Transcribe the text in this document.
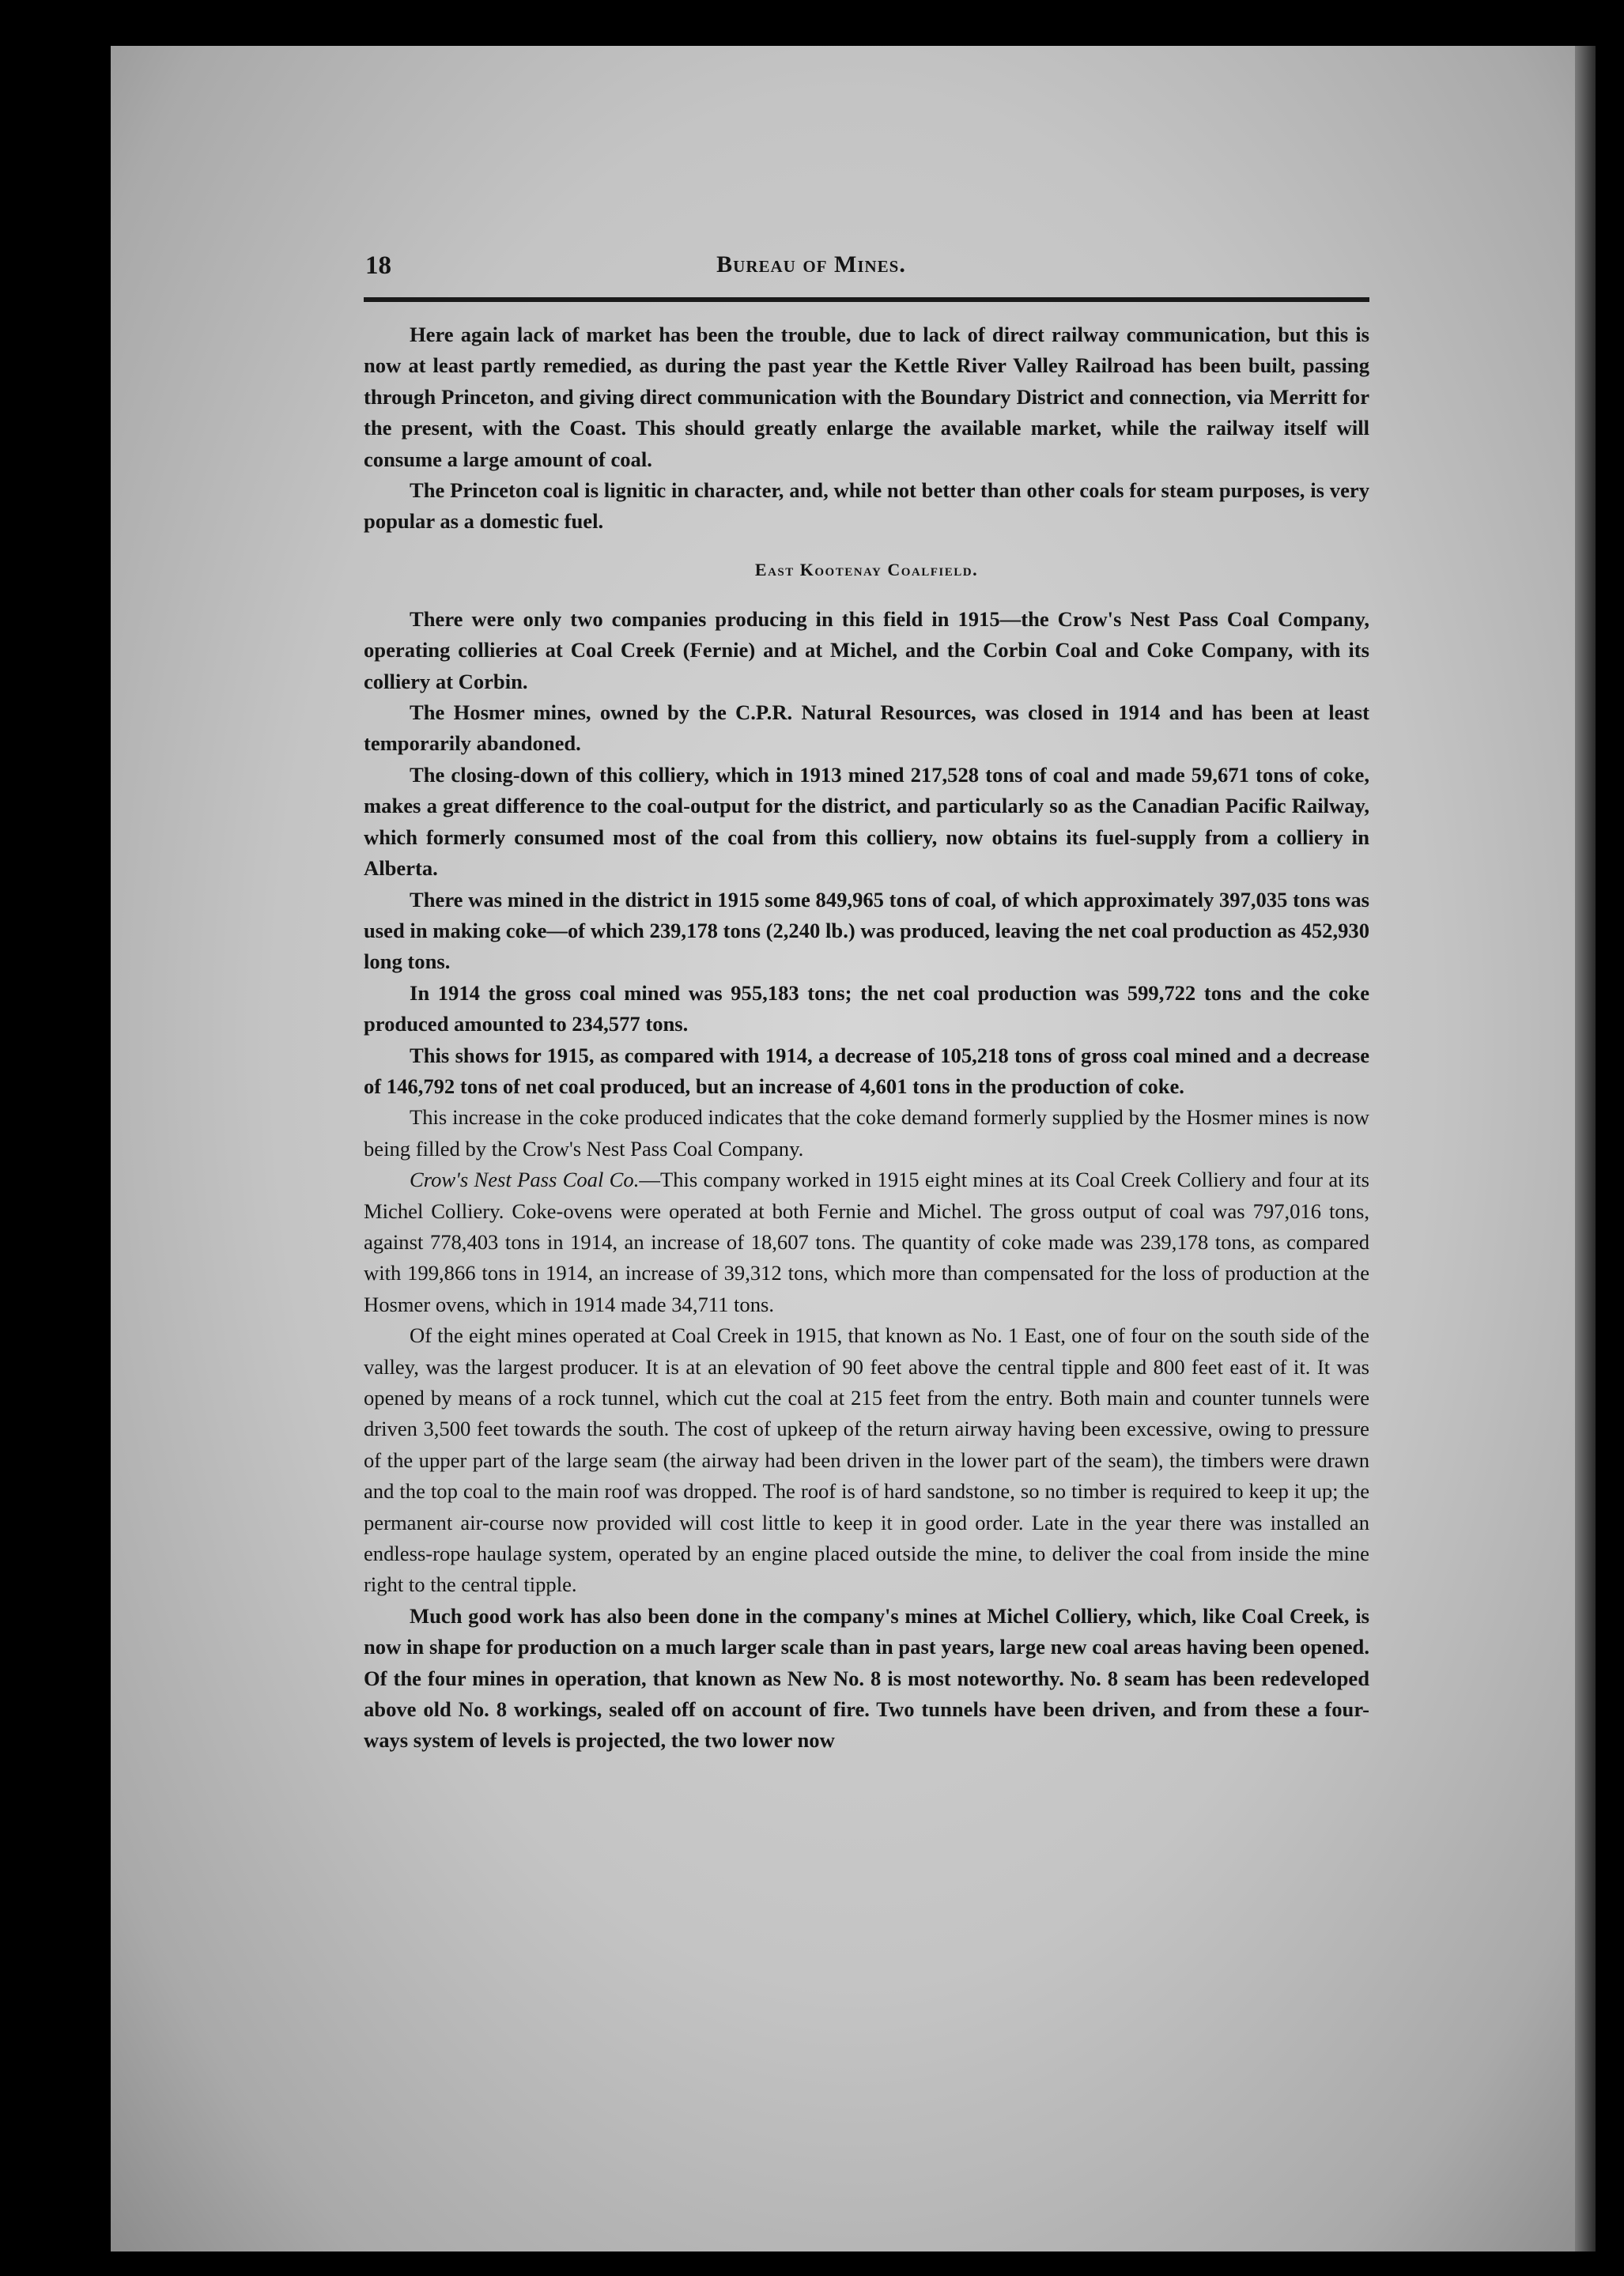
18	Bureau of Mines.

Here again lack of market has been the trouble, due to lack of direct railway communication, but this is now at least partly remedied, as during the past year the Kettle River Valley Railroad has been built, passing through Princeton, and giving direct communication with the Boundary District and connection, via Merritt for the present, with the Coast. This should greatly enlarge the available market, while the railway itself will consume a large amount of coal.

The Princeton coal is lignitic in character, and, while not better than other coals for steam purposes, is very popular as a domestic fuel.

East Kootenay Coalfield.

There were only two companies producing in this field in 1915—the Crow's Nest Pass Coal Company, operating collieries at Coal Creek (Fernie) and at Michel, and the Corbin Coal and Coke Company, with its colliery at Corbin.

The Hosmer mines, owned by the C.P.R. Natural Resources, was closed in 1914 and has been at least temporarily abandoned.

The closing-down of this colliery, which in 1913 mined 217,528 tons of coal and made 59,671 tons of coke, makes a great difference to the coal-output for the district, and particularly so as the Canadian Pacific Railway, which formerly consumed most of the coal from this colliery, now obtains its fuel-supply from a colliery in Alberta.

There was mined in the district in 1915 some 849,965 tons of coal, of which approximately 397,035 tons was used in making coke—of which 239,178 tons (2,240 lb.) was produced, leaving the net coal production as 452,930 long tons.

In 1914 the gross coal mined was 955,183 tons; the net coal production was 599,722 tons and the coke produced amounted to 234,577 tons.

This shows for 1915, as compared with 1914, a decrease of 105,218 tons of gross coal mined and a decrease of 146,792 tons of net coal produced, but an increase of 4,601 tons in the production of coke.

This increase in the coke produced indicates that the coke demand formerly supplied by the Hosmer mines is now being filled by the Crow's Nest Pass Coal Company.

Crow's Nest Pass Coal Co.—This company worked in 1915 eight mines at its Coal Creek Colliery and four at its Michel Colliery. Coke-ovens were operated at both Fernie and Michel. The gross output of coal was 797,016 tons, against 778,403 tons in 1914, an increase of 18,607 tons. The quantity of coke made was 239,178 tons, as compared with 199,866 tons in 1914, an increase of 39,312 tons, which more than compensated for the loss of production at the Hosmer ovens, which in 1914 made 34,711 tons.

Of the eight mines operated at Coal Creek in 1915, that known as No. 1 East, one of four on the south side of the valley, was the largest producer. It is at an elevation of 90 feet above the central tipple and 800 feet east of it. It was opened by means of a rock tunnel, which cut the coal at 215 feet from the entry. Both main and counter tunnels were driven 3,500 feet towards the south. The cost of upkeep of the return airway having been excessive, owing to pressure of the upper part of the large seam (the airway had been driven in the lower part of the seam), the timbers were drawn and the top coal to the main roof was dropped. The roof is of hard sandstone, so no timber is required to keep it up; the permanent air-course now provided will cost little to keep it in good order. Late in the year there was installed an endless-rope haulage system, operated by an engine placed outside the mine, to deliver the coal from inside the mine right to the central tipple.

Much good work has also been done in the company's mines at Michel Colliery, which, like Coal Creek, is now in shape for production on a much larger scale than in past years, large new coal areas having been opened. Of the four mines in operation, that known as New No. 8 is most noteworthy. No. 8 seam has been redeveloped above old No. 8 workings, sealed off on account of fire. Two tunnels have been driven, and from these a four-ways system of levels is projected, the two lower now
